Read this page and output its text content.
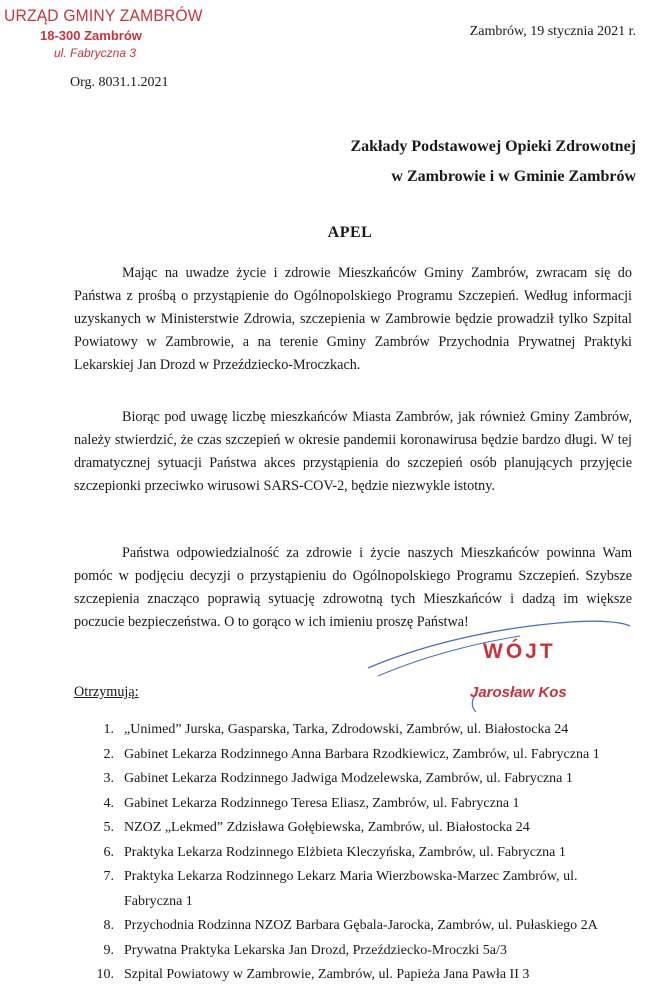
URZĄD GMINY ZAMBRÓW
18-300 Zambrów
ul. Fabryczna 3
Zambrów, 19 stycznia 2021 r.
Org. 8031.1.2021
Zakłady Podstawowej Opieki Zdrowotnej
w Zambrowie i w Gminie Zambrów
APEL

Mając na uwadze życie i zdrowie Mieszkańców Gminy Zambrów, zwracam się do Państwa z prośbą o przystąpienie do Ogólnopolskiego Programu Szczepień. Według informacji uzyskanych w Ministerstwie Zdrowia, szczepienia w Zambrowie będzie prowadził tylko Szpital Powiatowy w Zambrowie, a na terenie Gminy Zambrów Przychodnia Prywatnej Praktyki Lekarskiej Jan Drozd w Przeździecko-Mroczkach.

Biorąc pod uwagę liczbę mieszkańców Miasta Zambrów, jak również Gminy Zambrów, należy stwierdzić, że czas szczepień w okresie pandemii koronawirusa będzie bardzo długi. W tej dramatycznej sytuacji Państwa akces przystąpienia do szczepień osób planujących przyjęcie szczepionki przeciwko wirusowi SARS-COV-2, będzie niezwykle istotny.

Państwa odpowiedzialność za zdrowie i życie naszych Mieszkańców powinna Wam pomóc w podjęciu decyzji o przystąpieniu do Ogólnopolskiego Programu Szczepień. Szybsze szczepienia znacząco poprawią sytuację zdrowotną tych Mieszkańców i dadzą im większe poczucie bezpieczeństwa. O to gorąco w ich imieniu proszę Państwa!

WÓJT
Jarosław Kos
Otrzymują:
1. „Unimed” Jurska, Gasparska, Tarka, Zdrodowski, Zambrów, ul. Białostocka 24
2. Gabinet Lekarza Rodzinnego Anna Barbara Rzodkiewicz, Zambrów, ul. Fabryczna 1
3. Gabinet Lekarza Rodzinnego Jadwiga Modzelewska, Zambrów, ul. Fabryczna 1
4. Gabinet Lekarza Rodzinnego Teresa Eliasz, Zambrów, ul. Fabryczna 1
5. NZOZ „Lekmed” Zdzisława Gołębiewska, Zambrów, ul. Białostocka 24
6. Praktyka Lekarza Rodzinnego Elżbieta Kleczyńska, Zambrów, ul. Fabryczna 1
7. Praktyka Lekarza Rodzinnego Lekarz Maria Wierzbowska-Marzec Zambrów, ul. Fabryczna 1
8. Przychodnia Rodzinna NZOZ Barbara Gębala-Jarocka, Zambrów, ul. Pułaskiego 2A
9. Prywatna Praktyka Lekarska Jan Drozd, Przeździecko-Mroczki 5a/3
10. Szpital Powiatowy w Zambrowie, Zambrów, ul. Papieża Jana Pawła II 3
